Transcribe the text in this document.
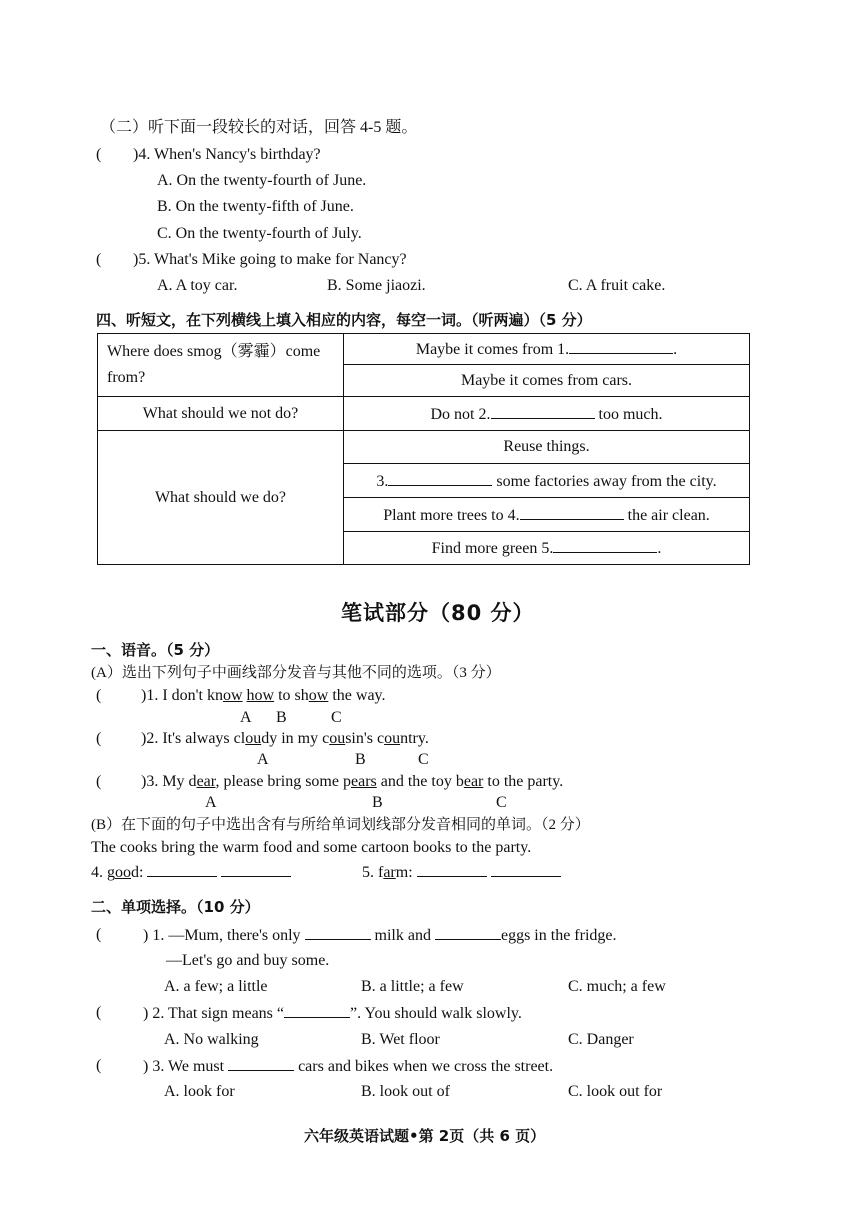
（二）听下面一段较长的对话，回答 4-5 题。
( )4. When's Nancy's birthday?
A. On the twenty-fourth of June.
B. On the twenty-fifth of June.
C. On the twenty-fourth of July.
( )5. What's Mike going to make for Nancy?
A. A toy car.	B. Some jiaozi.	C. A fruit cake.
四、听短文，在下列横线上填入相应的内容，每空一词。（听两遍）（5 分）
Where does smog（雾霾）come
from?	Maybe it comes from 1. .
	Maybe it comes from cars.
What should we not do?	Do not 2. too much.
What should we do?	Reuse things.
	3. some factories away from the city.
	Plant more trees to 4. the air clean.
	Find more green 5. .
笔试部分（80 分）
一、语音。（5 分）
(A）选出下列句子中画线部分发音与其他不同的选项。（3 分）
( )1. I don't know how to show the way.
A B	C
( )2. It's always cloudy in my cousin's country.
A	B	C
( )3. My dear, please bring some pears and the toy bear to the party.
A	B	C
(B）在下面的句子中选出含有与所给单词划线部分发音相同的单词。（2 分）
The cooks bring the warm food and some cartoon books to the party.
4. good:	5. farm:
二、单项选择。（10 分）
(	) 1. —Mum, there's only	milk and	eggs in the fridge.
—Let's go and buy some.
A. a few; a little	B. a little; a few	C. much; a few
(	) 2. That sign means “	”. You should walk slowly.
A. No walking	B. Wet floor	C. Danger
(	) 3. We must	cars and bikes when we cross the street.
A. look for	B. look out of	C. look out for
六年级英语试题•第 2页（共 6 页）
